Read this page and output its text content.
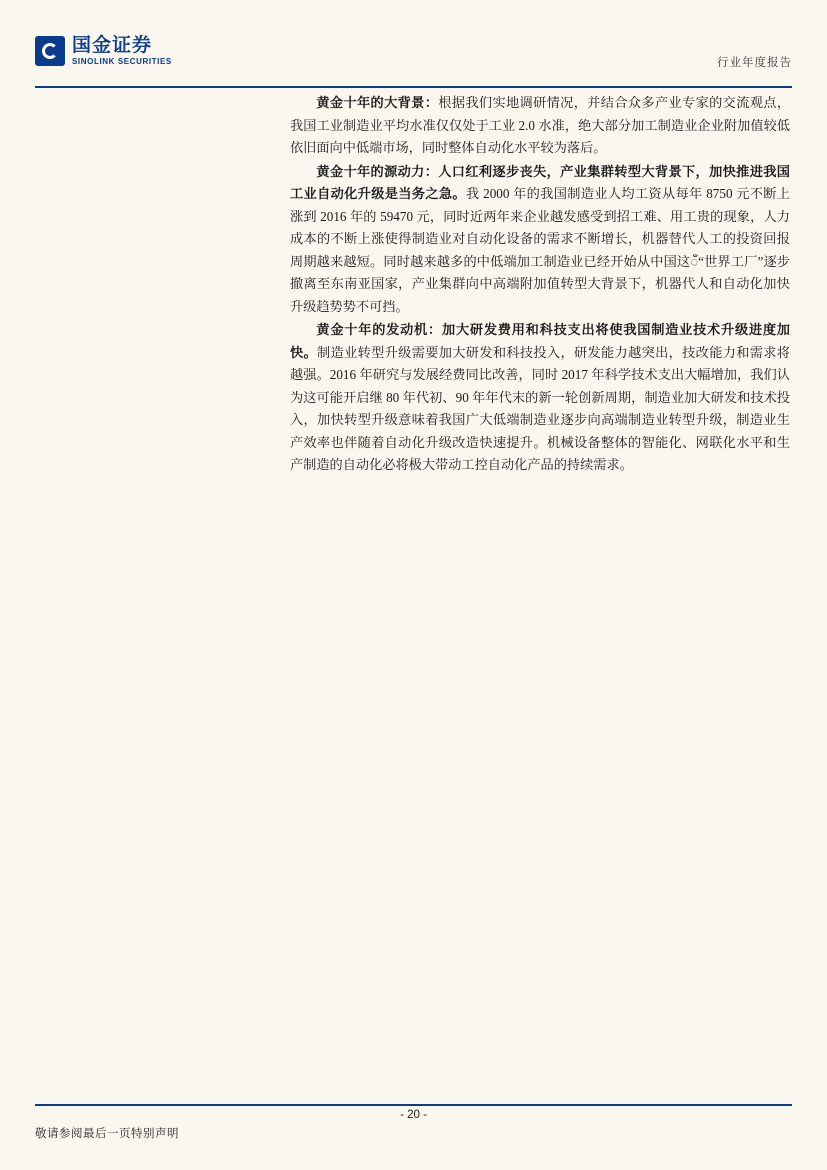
国金证券
SINOLINK SECURITIES	行业年度报告

黄金十年的大背景：根据我们实地调研情况，并结合众多产业专家的交流观点，我国工业制造业平均水准仅仅处于工业 2.0 水准，绝大部分加工制造业企业附加值较低依旧面向中低端市场，同时整体自动化水平较为落后。

黄金十年的源动力：人口红利逐步丧失，产业集群转型大背景下，加快推进我国工业自动化升级是当务之急。我 2000 年的我国制造业人均工资从每年 8750 元不断上涨到 2016 年的 59470 元，同时近两年来企业越发感受到招工难、用工贵的现象，人力成本的不断上涨使得制造业对自动化设备的需求不断增长，机器替代人工的投资回报周期越来越短。同时越来越多的中低端加工制造业已经开始从中国这ँ“世界工厂”逐步撤离至东南亚国家，产业集群向中高端附加值转型大背景下，机器代人和自动化加快升级趋势势不可挡。

黄金十年的发动机：加大研发费用和科技支出将使我国制造业技术升级进度加快。制造业转型升级需要加大研发和科技投入，研发能力越突出，技改能力和需求将越强。2016 年研究与发展经费同比改善，同时 2017 年科学技术支出大幅增加，我们认为这可能开启继 80 年代初、90 年年代末的新一轮创新周期，制造业加大研发和技术投入，加快转型升级意味着我国广大低端制造业逐步向高端制造业转型升级，制造业生产效率也伴随着自动化升级改造快速提升。机械设备整体的智能化、网联化水平和生产制造的自动化必将极大带动工控自动化产品的持续需求。

敬请参阅最后一页特别声明
- 20 -
